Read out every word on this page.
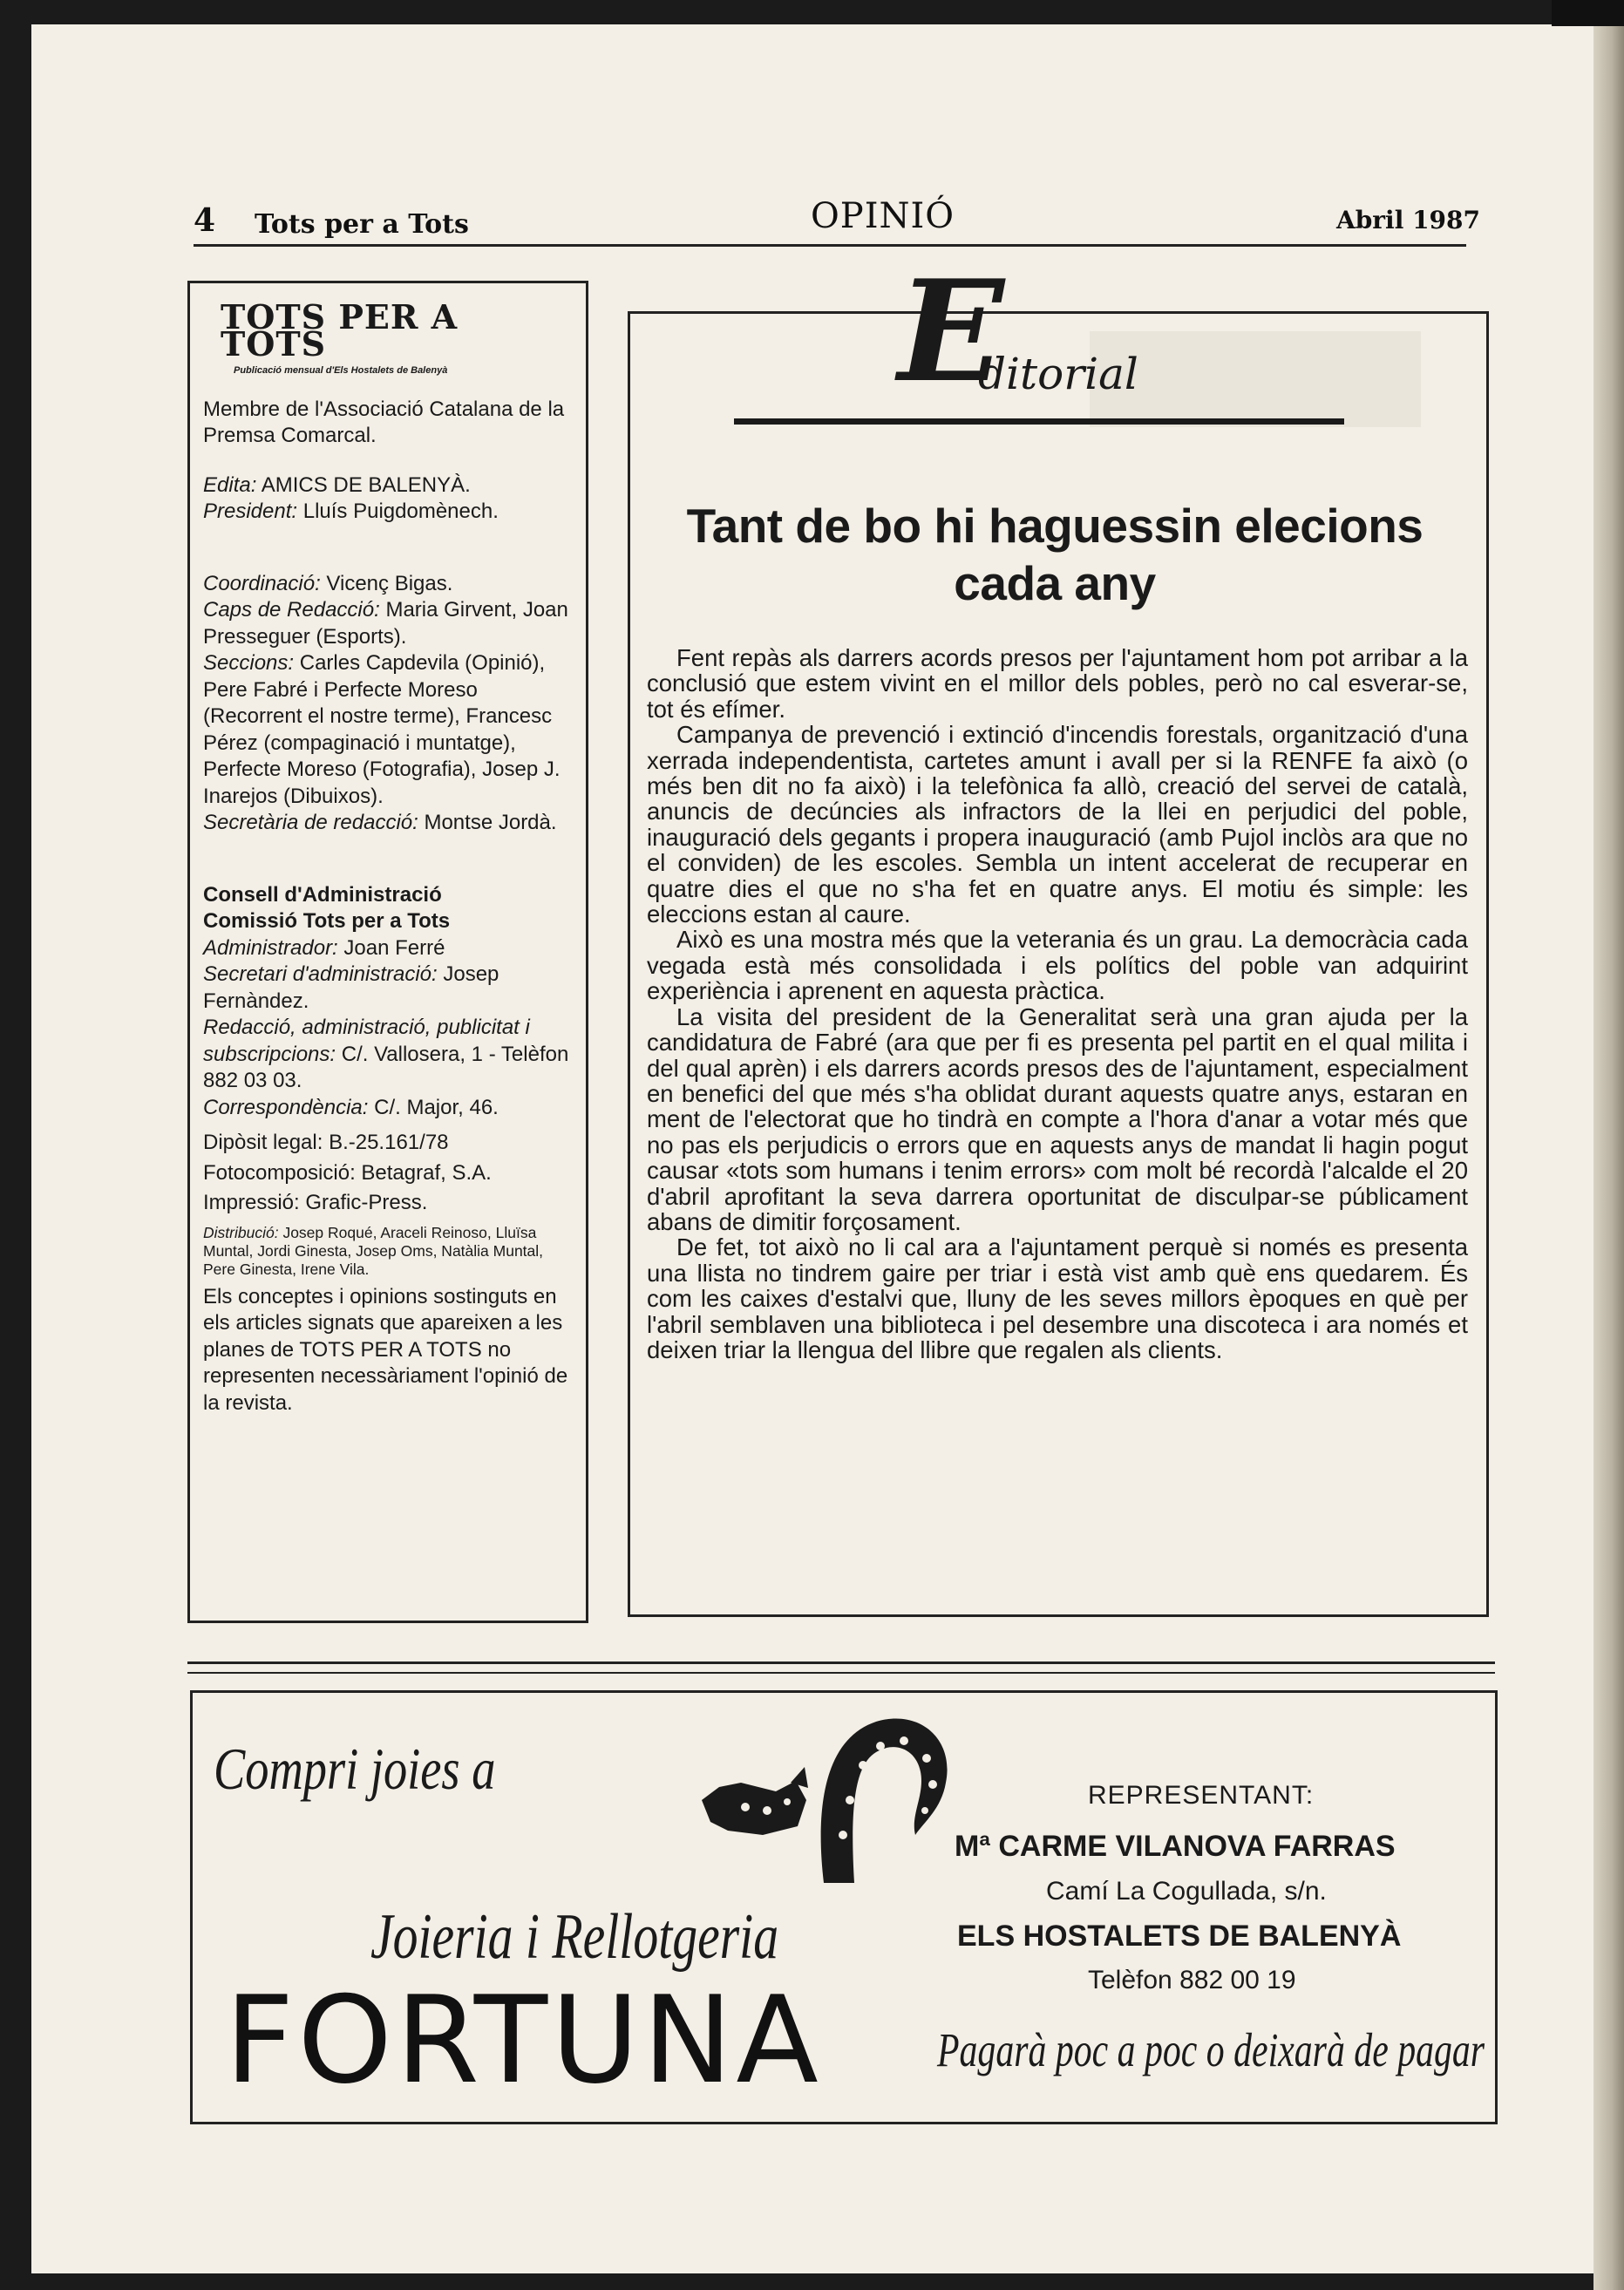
4 Tots per a Tots	OPINIÓ	Abril 1987

TOTS PER A TOTS

Publicació mensual d'Els Hostalets de Balenyà

Membre de l'Associació Catalana de la Premsa Comarcal.

Edita: AMICS DE BALENYÀ.

President: Lluís Puigdomènech.

Coordinació: Vicenç Bigas.

Caps de Redacció: Maria Girvent, Joan Presseguer (Esports).

Seccions: Carles Capdevila (Opinió), Pere Fabré i Perfecte Moreso (Recorrent el nostre terme), Francesc Pérez (compaginació i muntatge), Perfecte Moreso (Fotografia), Josep J. Inarejos (Dibuixos).

Secretària de redacció: Montse Jordà.

Consell d'Administració

Comissió Tots per a Tots

Administrador: Joan Ferré

Secretari d'administració: Josep Fernàndez.

Redacció, administració, publicitat i subscripcions: C/. Vallosera, 1 - Telèfon 882 03 03.

Correspondència: C/. Major, 46.

Dipòsit legal: B.-25.161/78

Fotocomposició: Betagraf, S.A.

Impressió: Grafic-Press.

Distribució: Josep Roqué, Araceli Reinoso, Lluïsa Muntal, Jordi Ginesta, Josep Oms, Natàlia Muntal, Pere Ginesta, Irene Vila.

Els conceptes i opinions sostinguts en els articles signats que apareixen a les planes de TOTS PER A TOTS no representen necessàriament l'opinió de la revista.

E
ditorial
Tant de bo hi haguessin elecions cada any

Fent repàs als darrers acords presos per l'ajuntament hom pot arribar a la conclusió que estem vivint en el millor dels pobles, però no cal esverar-se, tot és efímer.

Campanya de prevenció i extinció d'incendis forestals, organització d'una xerrada independentista, cartetes amunt i avall per si la RENFE fa això (o més ben dit no fa això) i la telefònica fa allò, creació del servei de català, anuncis de decúncies als infractors de la llei en perjudici del poble, inauguració dels gegants i propera inauguració (amb Pujol inclòs ara que no el conviden) de les escoles. Sembla un intent accelerat de recuperar en quatre dies el que no s'ha fet en quatre anys. El motiu és simple: les eleccions estan al caure.

Això es una mostra més que la veterania és un grau. La democràcia cada vegada està més consolidada i els polítics del poble van adquirint experiència i aprenent en aquesta pràctica.

La visita del president de la Generalitat serà una gran ajuda per la candidatura de Fabré (ara que per fi es presenta pel partit en el qual milita i del qual aprèn) i els darrers acords presos des de l'ajuntament, especialment en benefici del que més s'ha oblidat durant aquests quatre anys, estaran en ment de l'electorat que ho tindrà en compte a l'hora d'anar a votar més que no pas els perjudicis o errors que en aquests anys de mandat li hagin pogut causar «tots som humans i tenim errors» com molt bé recordà l'alcalde el 20 d'abril aprofitant la seva darrera oportunitat de disculpar-se públicament abans de dimitir forçosament.

De fet, tot això no li cal ara a l'ajuntament perquè si només es presenta una llista no tindrem gaire per triar i està vist amb què ens quedarem. És com les caixes d'estalvi que, lluny de les seves millors èpoques en què per l'abril semblaven una biblioteca i pel desembre una discoteca i ara només et deixen triar la llengua del llibre que regalen als clients.

Compri joies a
Joieria i Rellotgeria
FORTUNA
REPRESENTANT:
Mª CARME VILANOVA FARRAS
Camí La Cogullada, s/n.
ELS HOSTALETS DE BALENYÀ
Telèfon 882 00 19
Pagarà poc a poc o deixarà de pagar
